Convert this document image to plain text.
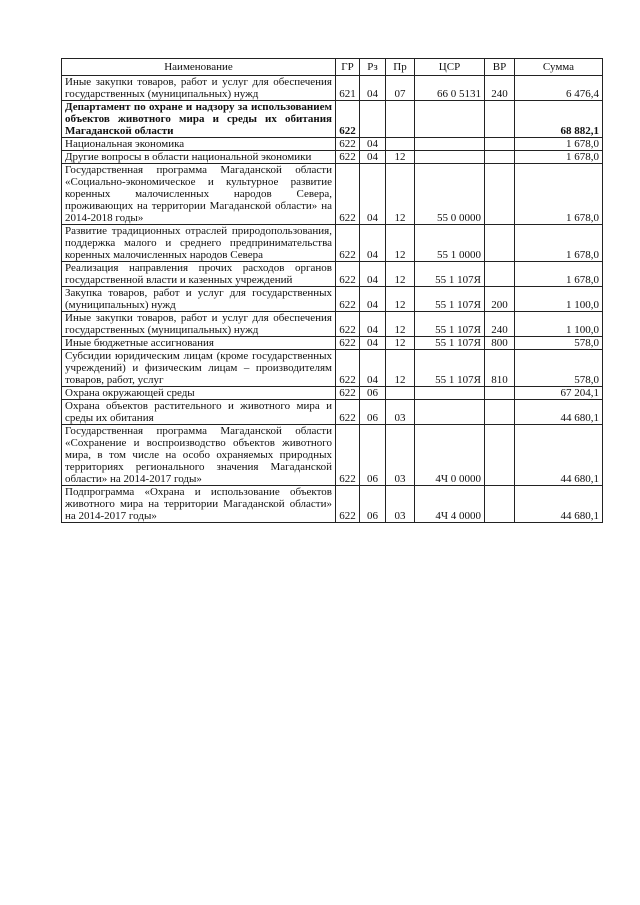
Наименование	ГР	Рз	Пр	ЦСР	ВР	Сумма
Иные закупки товаров, работ и услуг для обеспечения государственных (муниципальных) нужд	621	04	07	66 0 5131	240	6 476,4
Департамент по охране и надзору за использованием объектов животного мира и среды их обитания Магаданской области	622					68 882,1
Национальная экономика	622	04				1 678,0
Другие вопросы в области национальной экономики	622	04	12			1 678,0
Государственная программа Магаданской области «Социально-экономическое и культурное развитие коренных малочисленных народов Севера, проживающих на территории Магаданской области» на 2014-2018 годы»	622	04	12	55 0 0000		1 678,0
Развитие традиционных отраслей природопользования, поддержка малого и среднего предпринимательства коренных малочисленных народов Севера	622	04	12	55 1 0000		1 678,0
Реализация направления прочих расходов органов государственной власти и казенных учреждений	622	04	12	55 1 107Я		1 678,0
Закупка товаров, работ и услуг для государственных (муниципальных) нужд	622	04	12	55 1 107Я	200	1 100,0
Иные закупки товаров, работ и услуг для обеспечения государственных (муниципальных) нужд	622	04	12	55 1 107Я	240	1 100,0
Иные бюджетные ассигнования	622	04	12	55 1 107Я	800	578,0
Субсидии юридическим лицам (кроме государственных учреждений) и физическим лицам – производителям товаров, работ, услуг	622	04	12	55 1 107Я	810	578,0
Охрана окружающей среды	622	06				67 204,1
Охрана объектов растительного и животного мира и среды их обитания	622	06	03			44 680,1
Государственная программа Магаданской области «Сохранение и воспроизводство объектов животного мира, в том числе на особо охраняемых природных территориях регионального значения Магаданской области» на 2014-2017 годы»	622	06	03	4Ч 0 0000		44 680,1
Подпрограмма «Охрана и использование объектов животного мира на территории Магаданской области» на 2014-2017 годы»	622	06	03	4Ч 4 0000		44 680,1
